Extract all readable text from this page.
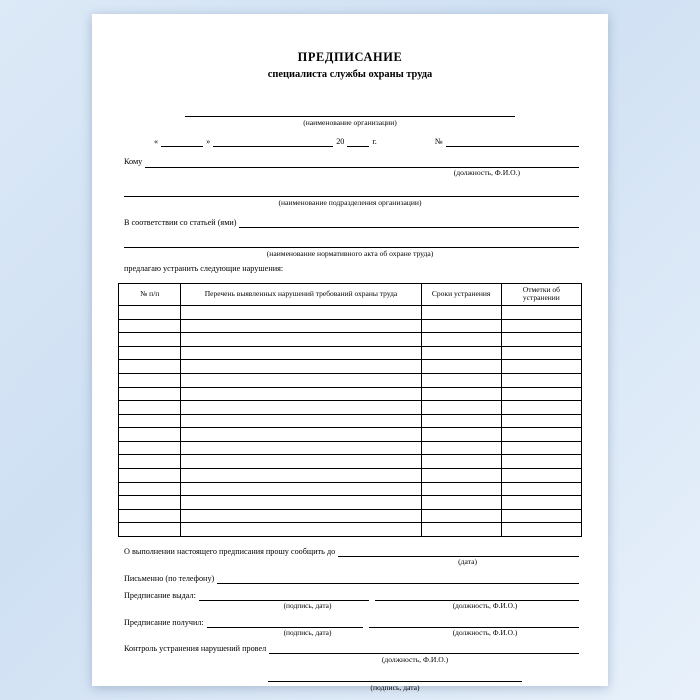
ПРЕДПИСАНИЕ
специалиста службы охраны труда
(наименование организации)
«	»	20	г.	№
Кому
(должность, Ф.И.О.)
(наименование подразделения организации)
В соответствии со статьей (ями)
(наименование нормативного акта об охране труда)
предлагаю устранить следующие нарушения:
№ п/п	Перечень выявленных нарушений требований охраны труда	Сроки устранения	Отметки об устранении

О выполнении настоящего предписания прошу сообщить до
(дата)
Письменно (по телефону)
Предписание выдал:
(подпись, дата)	(должность, Ф.И.О.)
Предписание получил:
(подпись, дата)	(должность, Ф.И.О.)
Контроль устранения нарушений провел
(должность, Ф.И.О.)
(подпись, дата)
